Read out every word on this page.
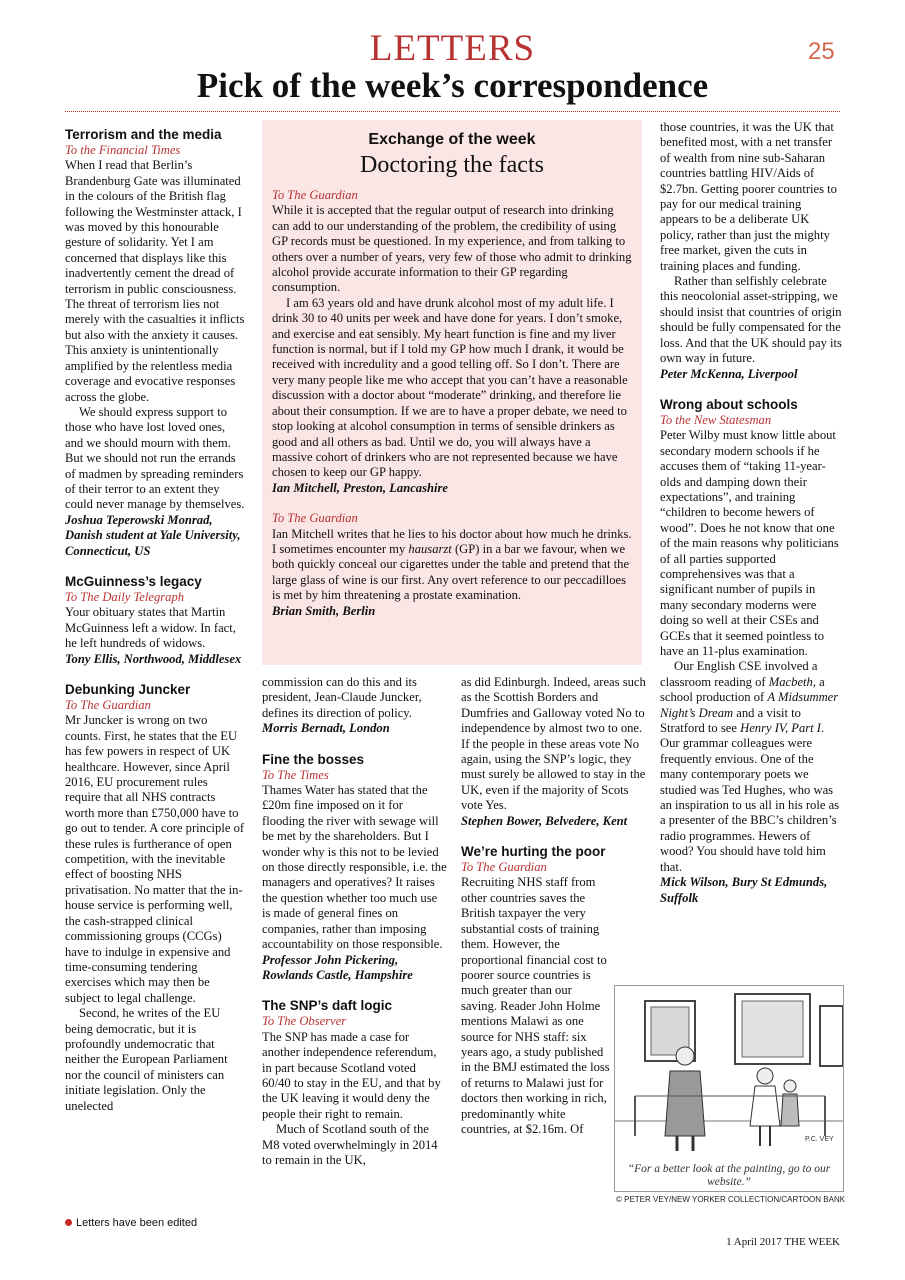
LETTERS
Pick of the week’s correspondence
25
Terrorism and the media

To the Financial Times

When I read that Berlin’s Brandenburg Gate was illuminated in the colours of the British flag following the Westminster attack, I was moved by this honourable gesture of solidarity. Yet I am concerned that displays like this inadvertently cement the dread of terrorism in public consciousness. The threat of terrorism lies not merely with the casualties it inflicts but also with the anxiety it causes. This anxiety is unintentionally amplified by the relentless media coverage and evocative responses across the globe.

We should express support to those who have lost loved ones, and we should mourn with them. But we should not run the errands of madmen by spreading reminders of their terror to an extent they could never manage by themselves.

Joshua Teperowski Monrad, Danish student at Yale University, Connecticut, US

McGuinness’s legacy

To The Daily Telegraph

Your obituary states that Martin McGuinness left a widow. In fact, he left hundreds of widows.

Tony Ellis, Northwood, Middlesex

Debunking Juncker

To The Guardian

Mr Juncker is wrong on two counts. First, he states that the EU has few powers in respect of UK healthcare. However, since April 2016, EU procurement rules require that all NHS contracts worth more than £750,000 have to go out to tender. A core principle of these rules is furtherance of open competition, with the inevitable effect of boosting NHS privatisation. No matter that the in-house service is performing well, the cash-strapped clinical commissioning groups (CCGs) have to indulge in expensive and time-consuming tendering exercises which may then be subject to legal challenge.

Second, he writes of the EU being democratic, but it is profoundly undemocratic that neither the European Parliament nor the council of ministers can initiate legislation. Only the unelected

Exchange of the week
Doctoring the facts

To The Guardian

While it is accepted that the regular output of research into drinking can add to our understanding of the problem, the credibility of using GP records must be questioned. In my experience, and from talking to others over a number of years, very few of those who admit to drinking alcohol provide accurate information to their GP regarding consumption.

I am 63 years old and have drunk alcohol most of my adult life. I drink 30 to 40 units per week and have done for years. I don’t smoke, and exercise and eat sensibly. My heart function is fine and my liver function is normal, but if I told my GP how much I drank, it would be received with incredulity and a good telling off. So I don’t. There are very many people like me who accept that you can’t have a reasonable discussion with a doctor about “moderate” drinking, and therefore lie about their consumption. If we are to have a proper debate, we need to stop looking at alcohol consumption in terms of sensible drinkers as good and all others as bad. Until we do, you will always have a massive cohort of drinkers who are not represented because we have chosen to keep our GP happy.

Ian Mitchell, Preston, Lancashire

To The Guardian

Ian Mitchell writes that he lies to his doctor about how much he drinks. I sometimes encounter my hausarzt (GP) in a bar we favour, when we both quickly conceal our cigarettes under the table and pretend that the large glass of wine is our first. Any overt reference to our peccadilloes is met by him threatening a prostate examination.

Brian Smith, Berlin

commission can do this and its president, Jean-Claude Juncker, defines its direction of policy.

Morris Bernadt, London

Fine the bosses

To The Times

Thames Water has stated that the £20m fine imposed on it for flooding the river with sewage will be met by the shareholders. But I wonder why is this not to be levied on those directly responsible, i.e. the managers and operatives? It raises the question whether too much use is made of general fines on companies, rather than imposing accountability on those responsible.

Professor John Pickering, Rowlands Castle, Hampshire

The SNP’s daft logic

To The Observer

The SNP has made a case for another independence referendum, in part because Scotland voted 60/40 to stay in the EU, and that by the UK leaving it would deny the people their right to remain.

Much of Scotland south of the M8 voted overwhelmingly in 2014 to remain in the UK,

as did Edinburgh. Indeed, areas such as the Scottish Borders and Dumfries and Galloway voted No to independence by almost two to one. If the people in these areas vote No again, using the SNP’s logic, they must surely be allowed to stay in the UK, even if the majority of Scots vote Yes.

Stephen Bower, Belvedere, Kent

We’re hurting the poor

To The Guardian

Recruiting NHS staff from other countries saves the British taxpayer the very substantial costs of training them. However, the proportional financial cost to poorer source countries is much greater than our saving. Reader John Holme mentions Malawi as one source for NHS staff: six years ago, a study published in the BMJ estimated the loss of returns to Malawi just for doctors then working in rich, predominantly white countries, at $2.16m. Of

those countries, it was the UK that benefited most, with a net transfer of wealth from nine sub-Saharan countries battling HIV/Aids of $2.7bn. Getting poorer countries to pay for our medical training appears to be a deliberate UK policy, rather than just the mighty free market, given the cuts in training places and funding.

Rather than selfishly celebrate this neocolonial asset-stripping, we should insist that countries of origin should be fully compensated for the loss. And that the UK should pay its own way in future.

Peter McKenna, Liverpool

Wrong about schools

To the New Statesman

Peter Wilby must know little about secondary modern schools if he accuses them of “taking 11-year-olds and damping down their expectations”, and training “children to become hewers of wood”. Does he not know that one of the main reasons why politicians of all parties supported comprehensives was that a significant number of pupils in many secondary moderns were doing so well at their CSEs and GCEs that it seemed pointless to have an 11-plus examination.

Our English CSE involved a classroom reading of Macbeth, a school production of A Midsummer Night’s Dream and a visit to Stratford to see Henry IV, Part I. Our grammar colleagues were frequently envious. One of the many contemporary poets we studied was Ted Hughes, who was an inspiration to us all in his role as a presenter of the BBC’s children’s radio programmes. Hewers of wood? You should have told him that.

Mick Wilson, Bury St Edmunds, Suffolk

P.C. VEY
“For a better look at the painting, go to our website.”
© PETER VEY/NEW YORKER COLLECTION/CARTOON BANK
Letters have been edited
1 April 2017 THE WEEK
